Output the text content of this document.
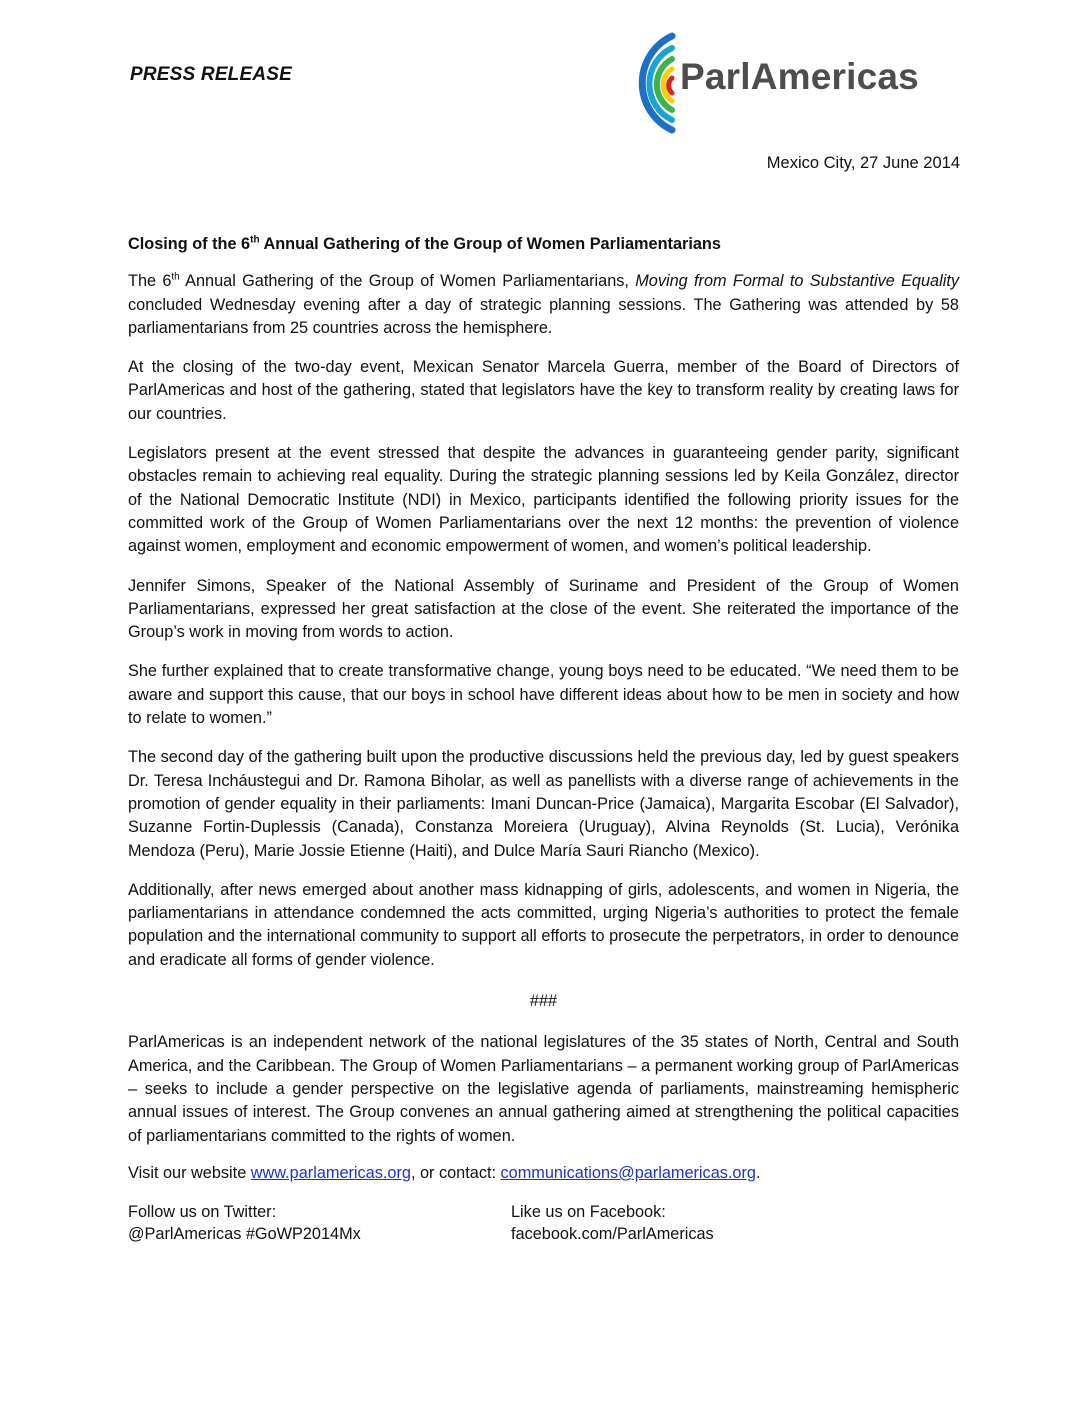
PRESS RELEASE	ParlAmericas
Mexico City, 27 June 2014
Closing of the 6th Annual Gathering of the Group of Women Parliamentarians

The 6th Annual Gathering of the Group of Women Parliamentarians, Moving from Formal to Substantive Equality concluded Wednesday evening after a day of strategic planning sessions. The Gathering was attended by 58 parliamentarians from 25 countries across the hemisphere.

At the closing of the two-day event, Mexican Senator Marcela Guerra, member of the Board of Directors of ParlAmericas and host of the gathering, stated that legislators have the key to transform reality by creating laws for our countries.

Legislators present at the event stressed that despite the advances in guaranteeing gender parity, significant obstacles remain to achieving real equality. During the strategic planning sessions led by Keila González, director of the National Democratic Institute (NDI) in Mexico, participants identified the following priority issues for the committed work of the Group of Women Parliamentarians over the next 12 months: the prevention of violence against women, employment and economic empowerment of women, and women’s political leadership.

Jennifer Simons, Speaker of the National Assembly of Suriname and President of the Group of Women Parliamentarians, expressed her great satisfaction at the close of the event. She reiterated the importance of the Group’s work in moving from words to action.

She further explained that to create transformative change, young boys need to be educated. “We need them to be aware and support this cause, that our boys in school have different ideas about how to be men in society and how to relate to women.”

The second day of the gathering built upon the productive discussions held the previous day, led by guest speakers Dr. Teresa Incháustegui and Dr. Ramona Biholar, as well as panellists with a diverse range of achievements in the promotion of gender equality in their parliaments: Imani Duncan-Price (Jamaica), Margarita Escobar (El Salvador), Suzanne Fortin-Duplessis (Canada), Constanza Moreiera (Uruguay), Alvina Reynolds (St. Lucia), Verónika Mendoza (Peru), Marie Jossie Etienne (Haiti), and Dulce María Sauri Riancho (Mexico).

Additionally, after news emerged about another mass kidnapping of girls, adolescents, and women in Nigeria, the parliamentarians in attendance condemned the acts committed, urging Nigeria’s authorities to protect the female population and the international community to support all efforts to prosecute the perpetrators, in order to denounce and eradicate all forms of gender violence.

###

ParlAmericas is an independent network of the national legislatures of the 35 states of North, Central and South America, and the Caribbean. The Group of Women Parliamentarians – a permanent working group of ParlAmericas – seeks to include a gender perspective on the legislative agenda of parliaments, mainstreaming hemispheric annual issues of interest. The Group convenes an annual gathering aimed at strengthening the political capacities of parliamentarians committed to the rights of women.

Visit our website www.parlamericas.org, or contact: communications@parlamericas.org.
Follow us on Twitter:
@ParlAmericas #GoWP2014Mx
Like us on Facebook:
facebook.com/ParlAmericas
